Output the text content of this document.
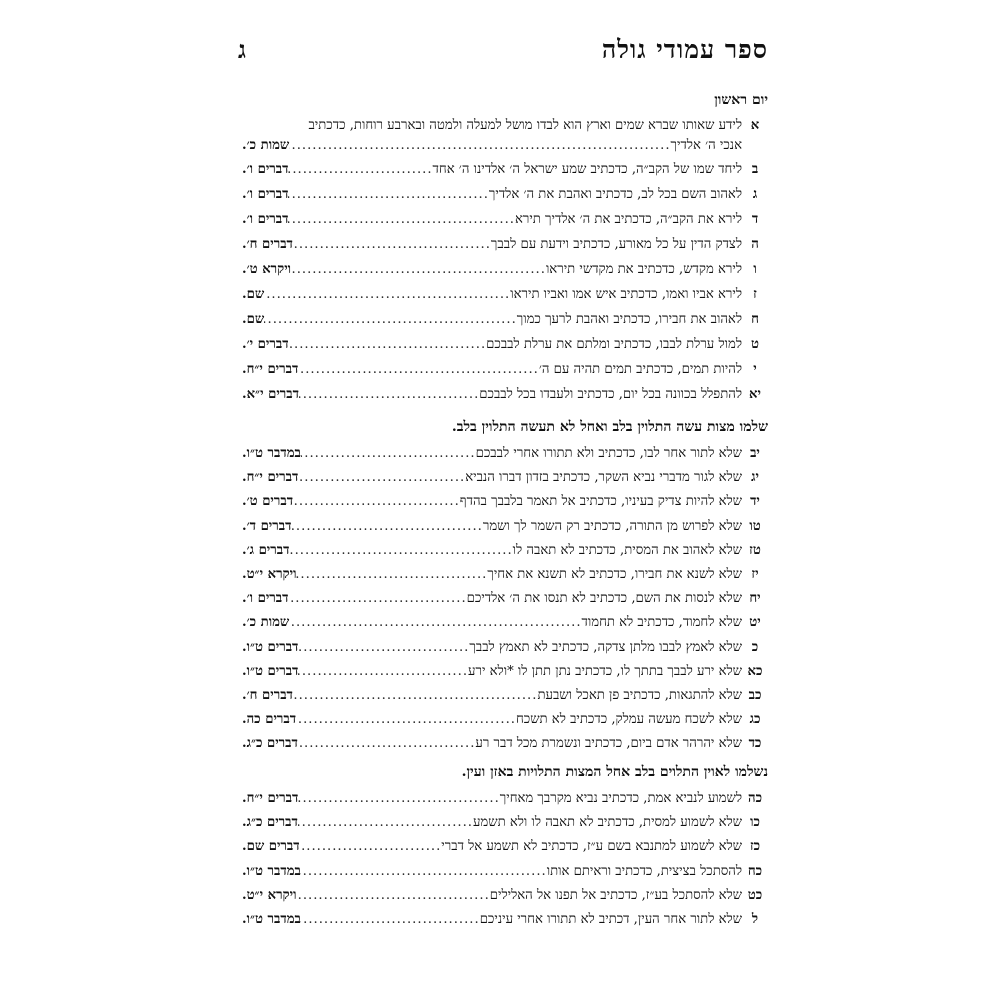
ספר עמודי גולה
ג
יום ראשון
א
לידע שאותו שברא שמים וארץ הוא לבדו מושל למעלה ולמטה ובארבע רוחות, כדכתיב
אנכי ה׳ אלדיך
.....
שמות כ׳.
ב
ליחד שמו של הקב״ה, כדכתיב שמע ישראל ה׳ אלדינו ה׳ אחד
.....
דברים ו׳.
ג
לאהוב השם בכל לב, כדכתיב ואהבת את ה׳ אלדיך
.....
דברים ו׳.
ד
לירא את הקב״ה, כדכתיב את ה׳ אלדיך תירא
.....
דברים ו׳.
ה
לצדק הדין על כל מאורע, כדכתיב וידעת עם לבבך
.....
דברים ח׳.
ו
לירא מקדש, כדכתיב את מקדשי תיראו
.....
ויקרא ט׳.
ז
לירא אביו ואמו, כדכתיב איש אמו ואביו תיראו
.....
שם.
ח
לאהוב את חבירו, כדכתיב ואהבת לרעך כמוך
.....
שם.
ט
למול ערלת לבבו, כדכתיב ומלתם את ערלת לבבכם
.....
דברים י׳.
י
להיות תמים, כדכתיב תמים תהיה עם ה׳
.....
דברים י״ח.
יא
להתפלל בכוונה בכל יום, כדכתיב ולעבדו בכל לבבכם
.....
דברים י״א.
שלמו מצות עשה התלוין בלב ואחל לא תעשה התלוין בלב.
יב
שלא לתור אחר לבו, כדכתיב ולא תתורו אחרי לבבכם
.....
במדבר ט״ו.
יג
שלא לגור מדברי נביא השקר, כדכתיב בזדון דברו הנביא
.....
דברים י״ח.
יד
שלא להיות צדיק בעיניו, כדכתיב אל תאמר בלבבך בהדף
.....
דברים ט׳.
טו
שלא לפרוש מן התורה, כדכתיב רק השמר לך ושמר
.....
דברים ד׳.
טז
שלא לאהוב את המסית, כדכתיב לא תאבה לו
.....
דברים ג׳.
יז
שלא לשנא את חבירו, כדכתיב לא תשנא את אחיך
.....
ויקרא י״ט.
יח
שלא לנסות את השם, כדכתיב לא תנסו את ה׳ אלדיכם
.....
דברים ו׳.
יט
שלא לחמוד, כדכתיב לא תחמוד
.....
שמות כ׳.
כ
שלא לאמץ לבבו מלתן צדקה, כדכתיב לא תאמץ לבבך
.....
דברים ט״ו.
כא
שלא ירע לבבך בתתך לו, כדכתיב נתן תתן לו *ולא ירע
.....
דברים ט״ו.
כב
שלא להתגאות, כדכתיב פן תאכל ושבעת
.....
דברים ח׳.
כג
שלא לשכח מעשה עמלק, כדכתיב לא תשכח
.....
דברים כה.
כד
שלא יהרהר אדם ביום, כדכתיב ונשמרת מכל דבר רע
.....
דברים כ״ג.
נשלמו לאוין התלוים בלב אחל המצות התלויות באזן ועין.
כה
לשמוע לנביא אמת, כדכתיב נביא מקרבך מאחיך
.....
דברים י״ח.
כו
שלא לשמוע למסית, כדכתיב לא תאבה לו ולא תשמע
.....
דברים כ״ג.
כז
שלא לשמוע למתנבא בשם ע״ז, כדכתיב לא תשמע אל דברי
.....
דברים שם.
כח
להסתכל בציצית, כדכתיב וראיתם אותו
.....
במדבר ט״ו.
כט
שלא להסתכל בע״ז, כדכתיב אל תפנו אל האלילים
.....
ויקרא י״ט.
ל
שלא לתור אחר העין, דכתיב לא תתורו אחרי עיניכם
.....
במדבר ט״ו.
